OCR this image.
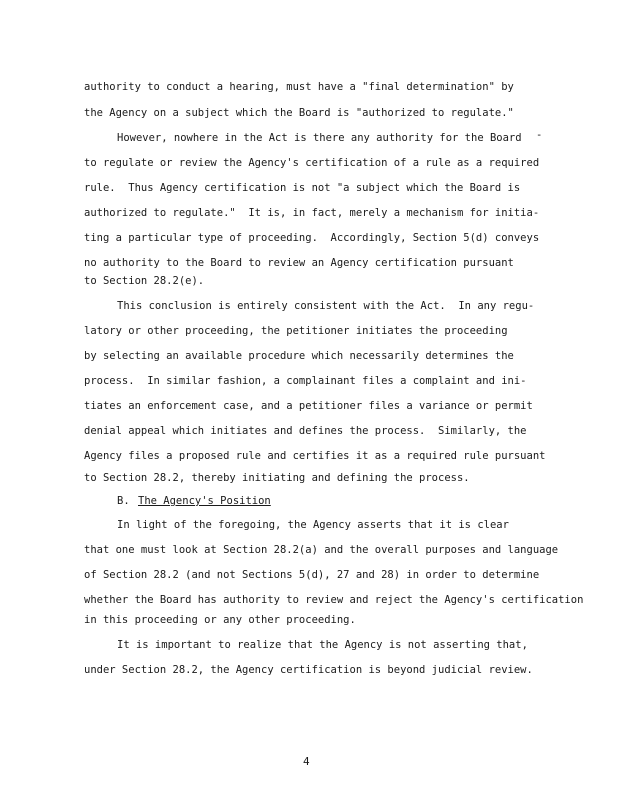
authority to conduct a hearing, must have a "final determination" by
the Agency on a subject which the Board is "authorized to regulate."
However, nowhere in the Act is there any authority for the Board -
to regulate or review the Agency's certification of a rule as a required
rule.  Thus Agency certification is not "a subject which the Board is
authorized to regulate."  It is, in fact, merely a mechanism for initia-
ting a particular type of proceeding.  Accordingly, Section 5(d) conveys
no authority to the Board to review an Agency certification pursuant
to Section 28.2(e).
This conclusion is entirely consistent with the Act.  In any regu-
latory or other proceeding, the petitioner initiates the proceeding
by selecting an available procedure which necessarily determines the
process.  In similar fashion, a complainant files a complaint and ini-
tiates an enforcement case, and a petitioner files a variance or permit
denial appeal which initiates and defines the process.  Similarly, the
Agency files a proposed rule and certifies it as a required rule pursuant
to Section 28.2, thereby initiating and defining the process.
B. The Agency's Position
In light of the foregoing, the Agency asserts that it is clear
that one must look at Section 28.2(a) and the overall purposes and language
of Section 28.2 (and not Sections 5(d), 27 and 28) in order to determine
whether the Board has authority to review and reject the Agency's certification
in this proceeding or any other proceeding.
It is important to realize that the Agency is not asserting that,
under Section 28.2, the Agency certification is beyond judicial review.
4
